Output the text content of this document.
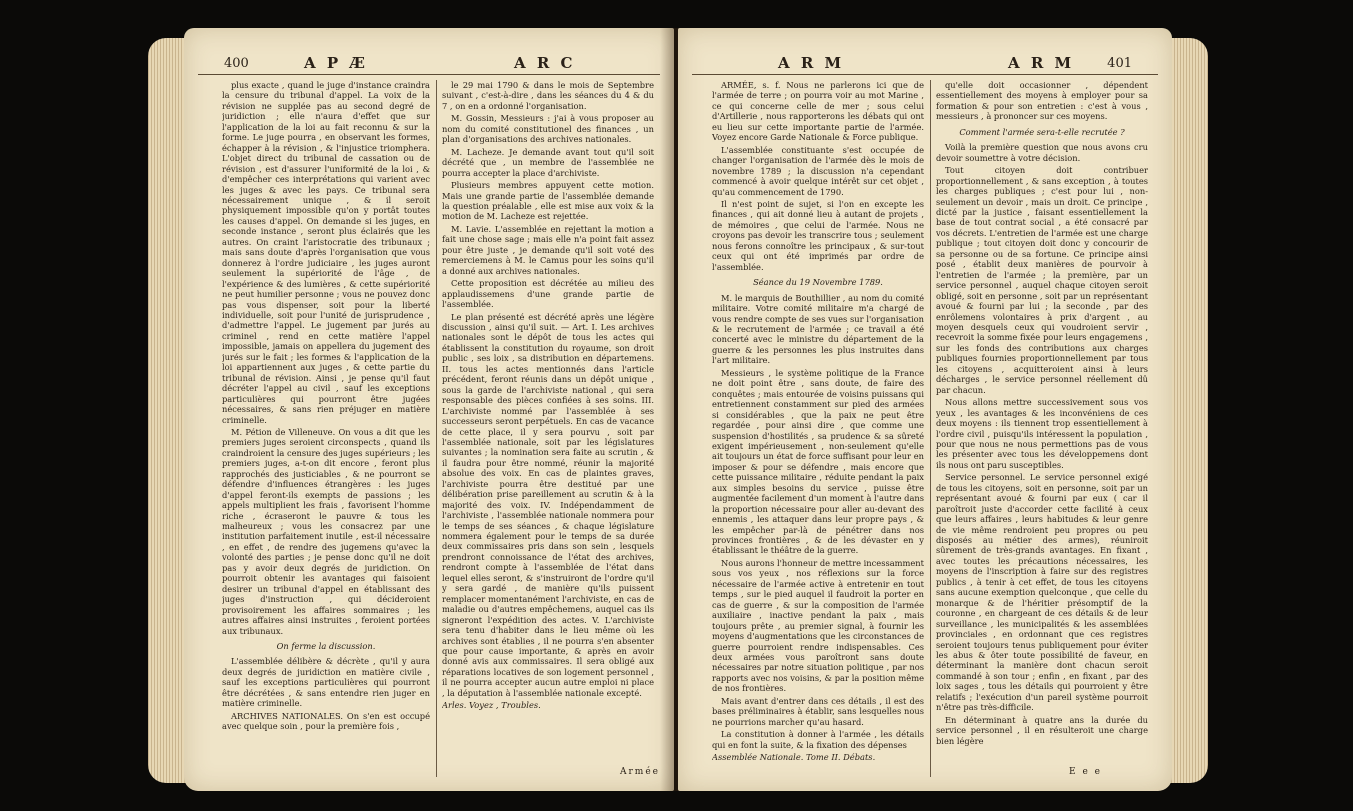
400	A P Æ	A R C

plus exacte , quand le juge d'instance craindra la censure du tribunal d'appel. La voix de la révision ne supplée pas au second degré de juridiction ; elle n'aura d'effet que sur l'application de la loi au fait reconnu & sur la forme. Le juge pourra , en observant les formes, échapper à la révision , & l'injustice triomphera. L'objet direct du tribunal de cassation ou de révision , est d'assurer l'uniformité de la loi , & d'empêcher ces interprétations qui varient avec les juges & avec les pays. Ce tribunal sera nécessairement unique , & il seroit physiquement impossible qu'on y portât toutes les causes d'appel. On demande si les juges, en seconde instance , seront plus éclairés que les autres. On craint l'aristocratie des tribunaux ; mais sans doute d'après l'organisation que vous donnerez à l'ordre judiciaire , les juges auront seulement la supériorité de l'âge , de l'expérience & des lumières , & cette supériorité ne peut humilier personne ; vous ne pouvez donc pas vous dispenser, soit pour la liberté individuelle, soit pour l'unité de jurisprudence , d'admettre l'appel. Le jugement par jurés au criminel , rend en cette matière l'appel impossible, jamais on appellera du jugement des jurés sur le fait ; les formes & l'application de la loi appartiennent aux juges , & cette partie du tribunal de révision. Ainsi , je pense qu'il faut décréter l'appel au civil , sauf les exceptions particulières qui pourront être jugées nécessaires, & sans rien préjuger en matière criminelle.

M. Pétion de Villeneuve. On vous a dit que les premiers juges seroient circonspects , quand ils craindroient la censure des juges supérieurs ; les premiers juges, a-t-on dit encore , feront plus rapprochés des justiciables , & ne pourront se défendre d'influences étrangères : les juges d'appel feront-ils exempts de passions ; les appels multiplient les frais , favorisent l'homme riche , écraseront le pauvre & tous les malheureux ; vous les consacrez par une institution parfaitement inutile , est-il nécessaire , en effet , de rendre des jugemens qu'avec la volonté des parties ; je pense donc qu'il ne doit pas y avoir deux degrés de juridiction. On pourroit obtenir les avantages qui faisoient desirer un tribunal d'appel en établissant des juges d'instruction , qui décideroient provisoirement les affaires sommaires ; les autres affaires ainsi instruites , feroient portées aux tribunaux.

On ferme la discussion.

L'assemblée délibère & décrète , qu'il y aura deux degrés de juridiction en matière civile , sauf les exceptions particulières qui pourront être décrétées , & sans entendre rien juger en matière criminelle.

ARCHIVES NATIONALES. On s'en est occupé avec quelque soin , pour la première fois ,

le 29 mai 1790 & dans le mois de Septembre suivant , c'est-à-dire , dans les séances du 4 & du 7 , on en a ordonné l'organisation.

M. Gossin, Messieurs : j'ai à vous proposer au nom du comité constitutionel des finances , un plan d'organisations des archives nationales.

M. Lacheze. Je demande avant tout qu'il soit décrété que , un membre de l'assemblée ne pourra accepter la place d'archiviste.

Plusieurs membres appuyent cette motion. Mais une grande partie de l'assemblée demande la question préalable , elle est mise aux voix & la motion de M. Lacheze est rejettée.

M. Lavie. L'assemblée en rejettant la motion a fait une chose sage ; mais elle n'a point fait assez pour être juste , je demande qu'il soit voté des remerciemens à M. le Camus pour les soins qu'il a donné aux archives nationales.

Cette proposition est décrétée au milieu des applaudissemens d'une grande partie de l'assemblée.

Le plan présenté est décrété après une légère discussion , ainsi qu'il suit. — Art. I. Les archives nationales sont le dépôt de tous les actes qui établissent la constitution du royaume, son droit public , ses loix , sa distribution en départemens. II. tous les actes mentionnés dans l'article précédent, feront réunis dans un dépôt unique , sous la garde de l'archiviste national , qui sera responsable des pièces confiées à ses soins. III. L'archiviste nommé par l'assemblée à ses successeurs seront perpétuels. En cas de vacance de cette place, il y sera pourvu , soit par l'assemblée nationale, soit par les législatures suivantes ; la nomination sera faite au scrutin , & il faudra pour être nommé, réunir la majorité absolue des voix. En cas de plaintes graves, l'archiviste pourra être destitué par une délibération prise pareillement au scrutin & à la majorité des voix. IV. Indépendamment de l'archiviste , l'assemblée nationale nommera pour le temps de ses séances , & chaque législature nommera également pour le temps de sa durée deux commissaires pris dans son sein , lesquels prendront connoissance de l'état des archives, rendront compte à l'assemblée de l'état dans lequel elles seront, & s'instruiront de l'ordre qu'il y sera gardé , de manière qu'ils puissent remplacer momentanément l'archiviste, en cas de maladie ou d'autres empêchemens, auquel cas ils signeront l'expédition des actes. V. L'archiviste sera tenu d'habiter dans le lieu même où les archives sont établies , il ne pourra s'en absenter que pour cause importante, & après en avoir donné avis aux commissaires. Il sera obligé aux réparations locatives de son logement personnel , il ne pourra accepter aucun autre emploi ni place , la députation à l'assemblée nationale excepté.

Arles. Voyez , Troubles.

Armée
A R M	A R M	401

ARMÉE, s. f. Nous ne parlerons ici que de l'armée de terre ; on pourra voir au mot Marine , ce qui concerne celle de mer ; sous celui d'Artillerie , nous rapporterons les débats qui ont eu lieu sur cette importante partie de l'armée. Voyez encore Garde Nationale & Force publique.

L'assemblée constituante s'est occupée de changer l'organisation de l'armée dès le mois de novembre 1789 ; la discussion n'a cependant commencé à avoir quelque intérêt sur cet objet , qu'au commencement de 1790.

Il n'est point de sujet, si l'on en excepte les finances , qui ait donné lieu à autant de projets , de mémoires , que celui de l'armée. Nous ne croyons pas devoir les transcrire tous ; seulement nous ferons connoître les principaux , & sur-tout ceux qui ont été imprimés par ordre de l'assemblée.

Séance du 19 Novembre 1789.

M. le marquis de Bouthillier , au nom du comité militaire. Votre comité militaire m'a chargé de vous rendre compte de ses vues sur l'organisation & le recrutement de l'armée ; ce travail a été concerté avec le ministre du département de la guerre & les personnes les plus instruites dans l'art militaire.

Messieurs , le système politique de la France ne doit point être , sans doute, de faire des conquêtes ; mais entourée de voisins puissans qui entretiennent constamment sur pied des armées si considérables , que la paix ne peut être regardée , pour ainsi dire , que comme une suspension d'hostilités , sa prudence & sa sûreté exigent impérieusement , non-seulement qu'elle ait toujours un état de force suffisant pour leur en imposer & pour se défendre , mais encore que cette puissance militaire , réduite pendant la paix aux simples besoins du service , puisse être augmentée facilement d'un moment à l'autre dans la proportion nécessaire pour aller au-devant des ennemis , les attaquer dans leur propre pays , & les empêcher par-là de pénétrer dans nos provinces frontières , & de les dévaster en y établissant le théâtre de la guerre.

Nous aurons l'honneur de mettre incessamment sous vos yeux , nos réflexions sur la force nécessaire de l'armée active à entretenir en tout temps , sur le pied auquel il faudroit la porter en cas de guerre , & sur la composition de l'armée auxiliaire , inactive pendant la paix , mais toujours prête , au premier signal, à fournir les moyens d'augmentations que les circonstances de guerre pourroient rendre indispensables. Ces deux armées vous paroîtront sans doute nécessaires par notre situation politique , par nos rapports avec nos voisins, & par la position même de nos frontières.

Mais avant d'entrer dans ces détails , il est des bases préliminaires à établir, sans lesquelles nous ne pourrions marcher qu'au hasard.

La constitution à donner à l'armée , les détails qui en font la suite, & la fixation des dépenses

Assemblée Nationale. Tome II. Débats.

qu'elle doit occasionner , dépendent essentiellement des moyens à employer pour sa formation & pour son entretien : c'est à vous , messieurs , à prononcer sur ces moyens.

Comment l'armée sera-t-elle recrutée ?

Voilà la première question que nous avons cru devoir soumettre à votre décision.

Tout citoyen doit contribuer proportionnellement , & sans exception , à toutes les charges publiques ; c'est pour lui , non-seulement un devoir , mais un droit. Ce principe , dicté par la justice , faisant essentiellement la base de tout contrat social , a été consacré par vos décrets. L'entretien de l'armée est une charge publique ; tout citoyen doit donc y concourir de sa personne ou de sa fortune. Ce principe ainsi posé , établit deux manières de pourvoir à l'entretien de l'armée ; la première, par un service personnel , auquel chaque citoyen seroit obligé, soit en personne , soit par un représentant avoué & fourni par lui ; la seconde , par des enrôlemens volontaires à prix d'argent , au moyen desquels ceux qui voudroient servir , recevroit la somme fixée pour leurs engagemens , sur les fonds des contributions aux charges publiques fournies proportionnellement par tous les citoyens , acquitteroient ainsi à leurs décharges , le service personnel réellement dû par chacun.

Nous allons mettre successivement sous vos yeux , les avantages & les inconvéniens de ces deux moyens : ils tiennent trop essentiellement à l'ordre civil , puisqu'ils intéressent la population , pour que nous ne nous permettions pas de vous les présenter avec tous les développemens dont ils nous ont paru susceptibles.

Service personnel. Le service personnel exigé de tous les citoyens, soit en personne, soit par un représentant avoué & fourni par eux ( car il paroîtroit juste d'accorder cette facilité à ceux que leurs affaires , leurs habitudes & leur genre de vie même rendroient peu propres ou peu disposés au métier des armes), réuniroit sûrement de très-grands avantages. En fixant , avec toutes les précautions nécessaires, les moyens de l'inscription à faire sur des registres publics , à tenir à cet effet, de tous les citoyens sans aucune exemption quelconque , que celle du monarque & de l'héritier présomptif de la couronne , en chargeant de ces détails & de leur surveillance , les municipalités & les assemblées provinciales , en ordonnant que ces registres seroient toujours tenus publiquement pour éviter les abus & ôter toute possibilité de faveur, en déterminant la manière dont chacun seroit commandé à son tour ; enfin , en fixant , par des loix sages , tous les détails qui pourroient y être relatifs ; l'exécution d'un pareil système pourroit n'être pas très-difficile.

En déterminant à quatre ans la durée du service personnel , il en résulteroit une charge bien légère

E e e
